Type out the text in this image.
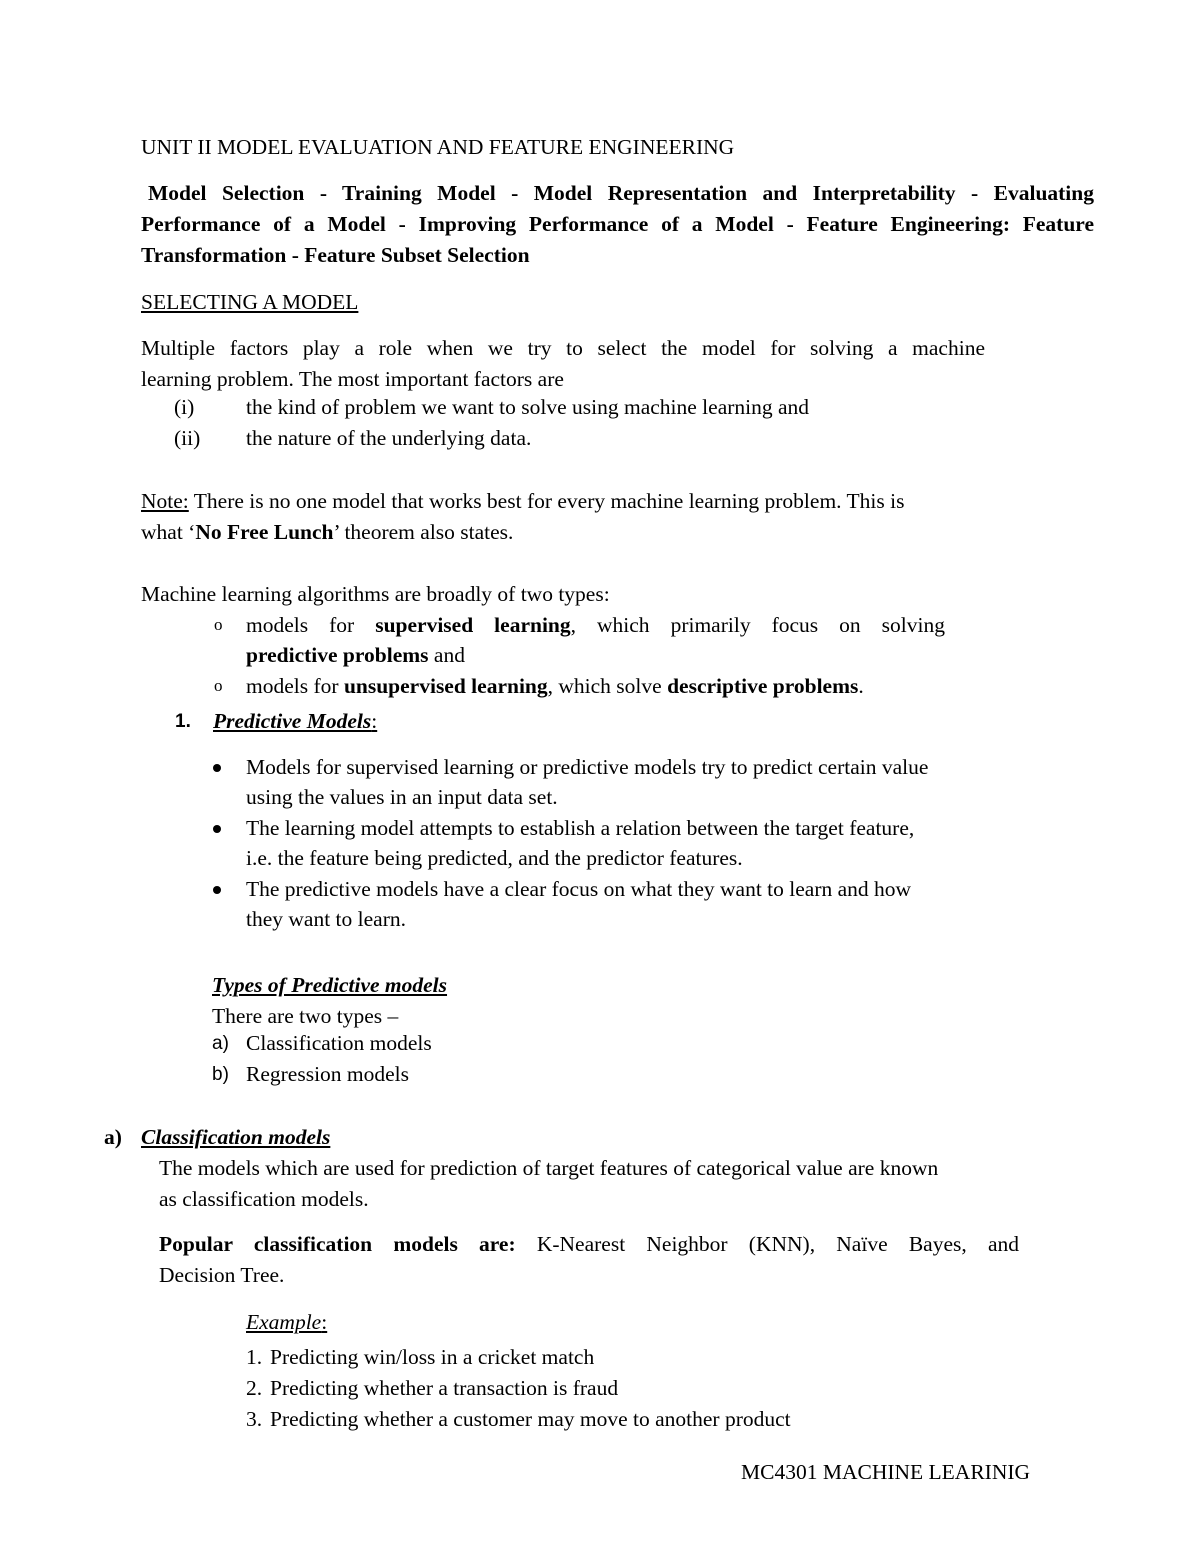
UNIT II MODEL EVALUATION AND FEATURE ENGINEERING
Model Selection - Training Model - Model Representation and Interpretability - Evaluating
Performance of a Model - Improving Performance of a Model - Feature Engineering: Feature
Transformation - Feature Subset Selection
SELECTING A MODEL
Multiple factors play a role when we try to select the model for solving a machine
learning problem. The most important factors are
(i) the kind of problem we want to solve using machine learning and
(ii) the nature of the underlying data.
Note: There is no one model that works best for every machine learning problem. This is
what ‘No Free Lunch’ theorem also states.
Machine learning algorithms are broadly of two types:
o models for supervised learning, which primarily focus on solving
predictive problems and
o models for unsupervised learning, which solve descriptive problems.
1. Predictive Models:
Models for supervised learning or predictive models try to predict certain value
using the values in an input data set.
The learning model attempts to establish a relation between the target feature,
i.e. the feature being predicted, and the predictor features.
The predictive models have a clear focus on what they want to learn and how
they want to learn.
Types of Predictive models
There are two types –
a) Classification models
b) Regression models
a) Classification models
The models which are used for prediction of target features of categorical value are known
as classification models.
Popular classification models are: K-Nearest Neighbor (KNN), Naïve Bayes, and
Decision Tree.
Example:
1. Predicting win/loss in a cricket match
2. Predicting whether a transaction is fraud
3. Predicting whether a customer may move to another product
MC4301 MACHINE LEARINIG
